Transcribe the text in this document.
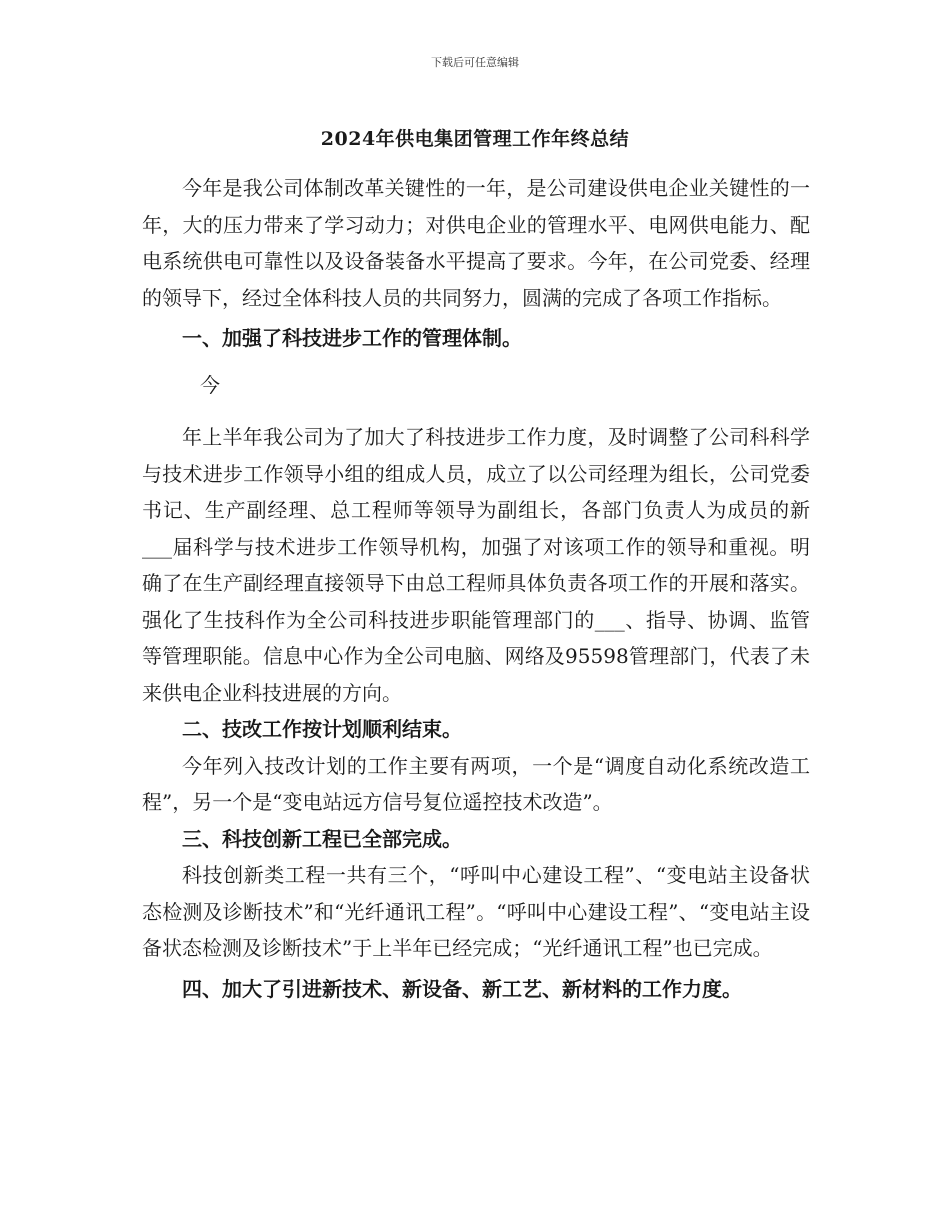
下载后可任意编辑
2024年供电集团管理工作年终总结

今年是我公司体制改革关键性的一年，是公司建设供电企业关键性的一年，大的压力带来了学习动力；对供电企业的管理水平、电网供电能力、配电系统供电可靠性以及设备装备水平提高了要求。今年，在公司党委、经理的领导下，经过全体科技人员的共同努力，圆满的完成了各项工作指标。

一、加强了科技进步工作的管理体制。

今

年上半年我公司为了加大了科技进步工作力度，及时调整了公司科科学与技术进步工作领导小组的组成人员，成立了以公司经理为组长，公司党委书记、生产副经理、总工程师等领导为副组长，各部门负责人为成员的新___届科学与技术进步工作领导机构，加强了对该项工作的领导和重视。明确了在生产副经理直接领导下由总工程师具体负责各项工作的开展和落实。强化了生技科作为全公司科技进步职能管理部门的___、指导、协调、监管等管理职能。信息中心作为全公司电脑、网络及95598管理部门，代表了未来供电企业科技进展的方向。

二、技改工作按计划顺利结束。

今年列入技改计划的工作主要有两项，一个是“调度自动化系统改造工程”，另一个是“变电站远方信号复位遥控技术改造”。

三、科技创新工程已全部完成。

科技创新类工程一共有三个，“呼叫中心建设工程”、“变电站主设备状态检测及诊断技术”和“光纤通讯工程”。“呼叫中心建设工程”、“变电站主设备状态检测及诊断技术”于上半年已经完成；“光纤通讯工程”也已完成。

四、加大了引进新技术、新设备、新工艺、新材料的工作力度。
